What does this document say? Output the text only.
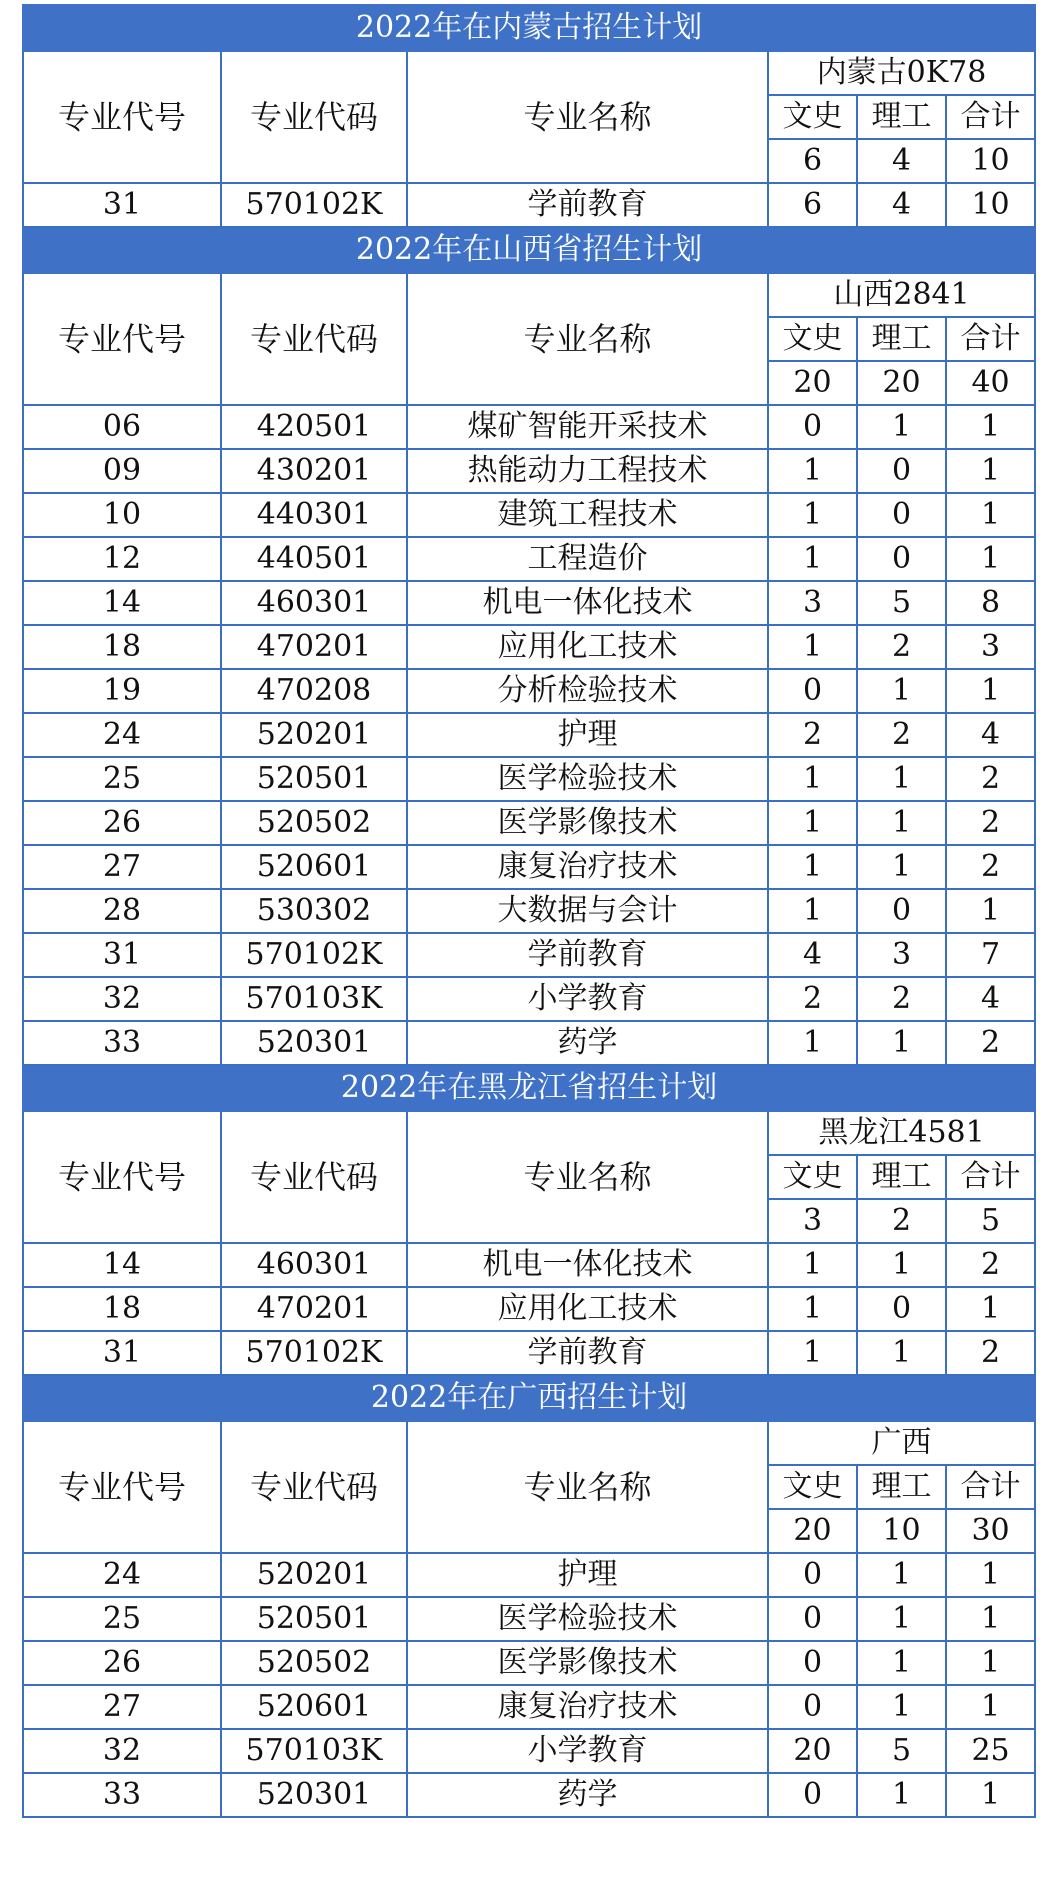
2022年在内蒙古招生计划					
专业代号	专业代码	专业名称	内蒙古0K78		
			文史	理工	合计
			6	4	10
31	570102K	学前教育	6	4	10
2022年在山西省招生计划					
专业代号	专业代码	专业名称	山西2841		
			文史	理工	合计
			20	20	40
06	420501	煤矿智能开采技术	0	1	1
09	430201	热能动力工程技术	1	0	1
10	440301	建筑工程技术	1	0	1
12	440501	工程造价	1	0	1
14	460301	机电一体化技术	3	5	8
18	470201	应用化工技术	1	2	3
19	470208	分析检验技术	0	1	1
24	520201	护理	2	2	4
25	520501	医学检验技术	1	1	2
26	520502	医学影像技术	1	1	2
27	520601	康复治疗技术	1	1	2
28	530302	大数据与会计	1	0	1
31	570102K	学前教育	4	3	7
32	570103K	小学教育	2	2	4
33	520301	药学	1	1	2
2022年在黑龙江省招生计划					
专业代号	专业代码	专业名称	黑龙江4581		
			文史	理工	合计
			3	2	5
14	460301	机电一体化技术	1	1	2
18	470201	应用化工技术	1	0	1
31	570102K	学前教育	1	1	2
2022年在广西招生计划					
专业代号	专业代码	专业名称	广西		
			文史	理工	合计
			20	10	30
24	520201	护理	0	1	1
25	520501	医学检验技术	0	1	1
26	520502	医学影像技术	0	1	1
27	520601	康复治疗技术	0	1	1
32	570103K	小学教育	20	5	25
33	520301	药学	0	1	1
